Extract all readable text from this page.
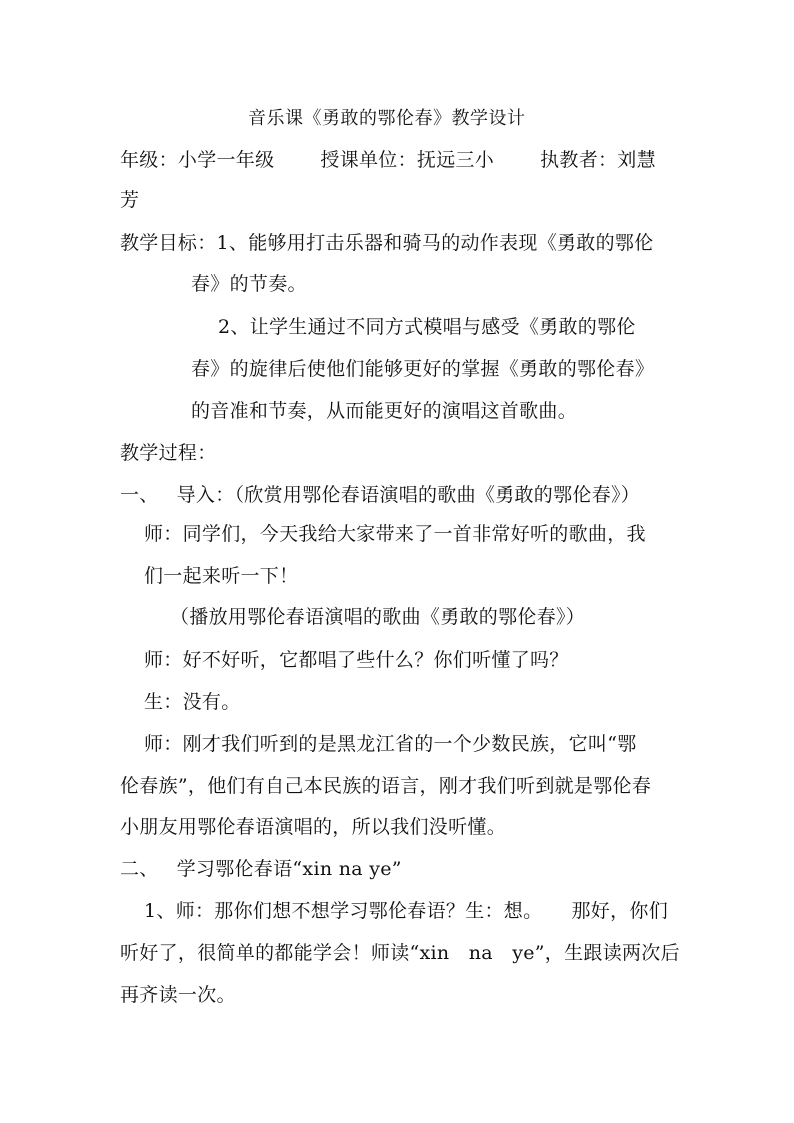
音乐课《勇敢的鄂伦春》教学设计
年级：小学一年级 授课单位：抚远三小 执教者：刘慧
芳
教学目标：1、能够用打击乐器和骑马的动作表现《勇敢的鄂伦
春》的节奏。
2、让学生通过不同方式模唱与感受《勇敢的鄂伦
春》的旋律后使他们能够更好的掌握《勇敢的鄂伦春》
的音准和节奏，从而能更好的演唱这首歌曲。
教学过程：
一、 导入：（欣赏用鄂伦春语演唱的歌曲《勇敢的鄂伦春》）
师：同学们，今天我给大家带来了一首非常好听的歌曲，我
们一起来听一下！
（播放用鄂伦春语演唱的歌曲《勇敢的鄂伦春》）
师：好不好听，它都唱了些什么？你们听懂了吗？
生：没有。
师：刚才我们听到的是黑龙江省的一个少数民族，它叫“鄂
伦春族”，他们有自己本民族的语言，刚才我们听到就是鄂伦春
小朋友用鄂伦春语演唱的，所以我们没听懂。
二、 学习鄂伦春语“xin na ye”
1、师：那你们想不想学习鄂伦春语？生：想。　　那好，你们
听好了，很简单的都能学会！师读“xin　na　ye”，生跟读两次后
再齐读一次。
